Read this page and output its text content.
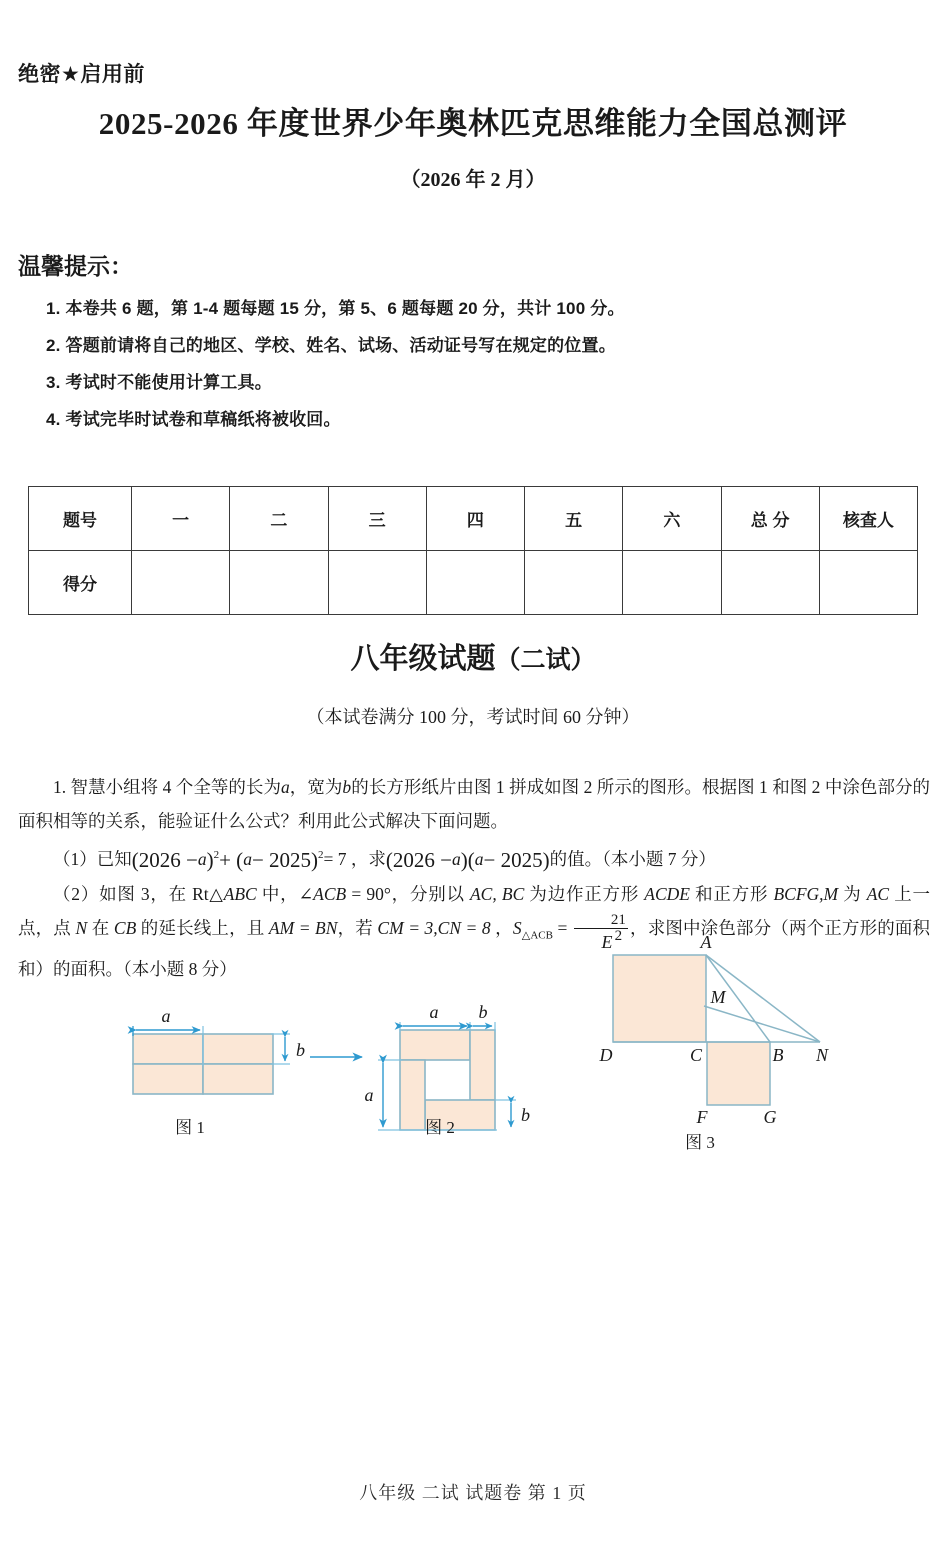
绝密★启用前
2025-2026 年度世界少年奥林匹克思维能力全国总测评
（2026 年 2 月）
温馨提示：
1. 本卷共 6 题，第 1-4 题每题 15 分，第 5、6 题每题 20 分，共计 100 分。
2. 答题前请将自己的地区、学校、姓名、试场、活动证号写在规定的位置。
3. 考试时不能使用计算工具。
4. 考试完毕时试卷和草稿纸将被收回。
题号	一	二	三	四	五	六	总 分	核查人
得分								
八年级试题（二试）
（本试卷满分 100 分，考试时间 60 分钟）
1. 智慧小组将 4 个全等的长为a，宽为b的长方形纸片由图 1 拼成如图 2 所示的图形。根据图 1 和图 2 中涂色部分的面积相等的关系，能验证什么公式？利用此公式解决下面问题。
（1）已知$(2026 -a)^2+ (a- 2025)^2= 7$ ，求(2026 −a)(a− 2025)的值。（本小题 7 分）
（2）如图 3，在 Rt△ABC 中，∠ACB = 90°，分别以 AC, BC 为边作正方形 ACDE 和正方形 BCFG,M 为 AC 上一点，点 N 在 CB 的延长线上，且 AM = BN，若 CM = 3,CN = 8 ，$S_{\triangle ACB} = \frac{21}{2}$ ，求图中涂色部分（两个正方形的面积和）的面积。（本小题 8 分）
a
b
图 1
a b
a
b
图 2
E	A
M
D	C	B N
F	G
图 3
八年级 二试 试题卷 第 1 页
